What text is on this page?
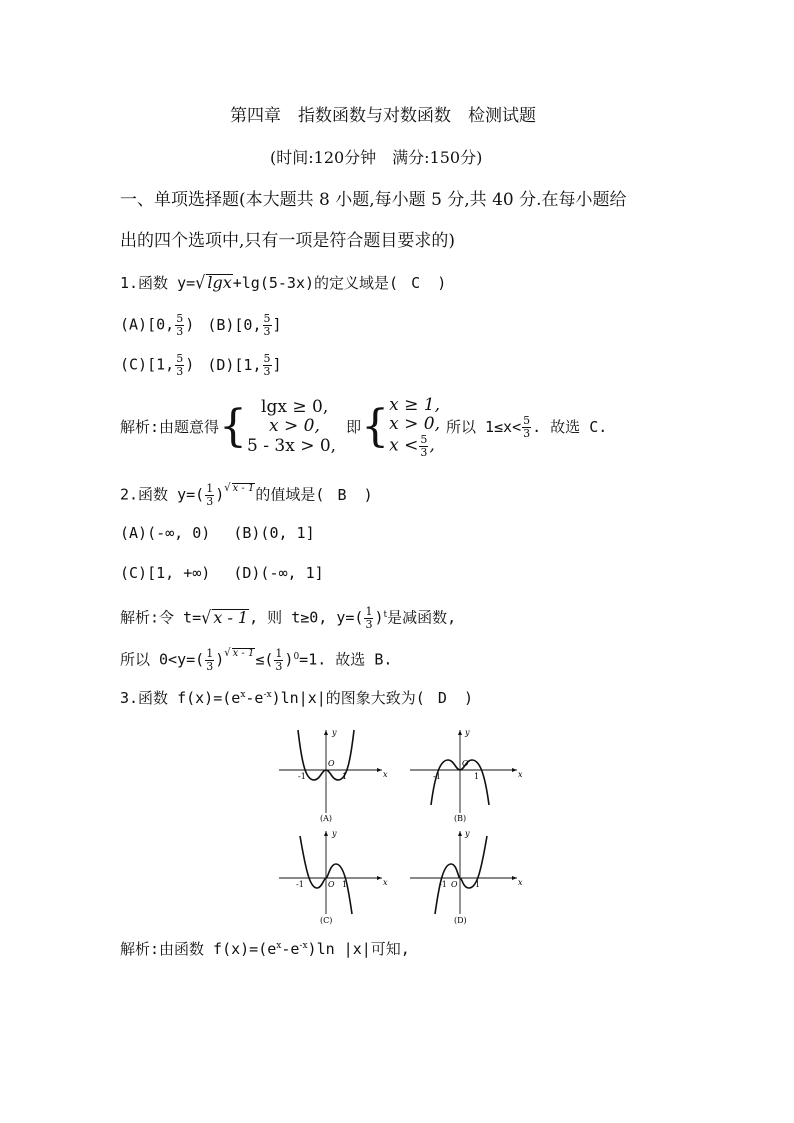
第四章　指数函数与对数函数　检测试题
(时间:120分钟　满分:150分)
一、单项选择题(本大题共 8 小题,每小题 5 分,共 40 分.在每小题给
出的四个选项中,只有一项是符合题目要求的)
1.函数 y=√ lgx+lg(5-3x)的定义域是( C )
(A)[0, $\frac{5}{3}$ ) (B)[0, $\frac{5}{3}$ ]
(C)[1, $\frac{5}{3}$ ) (D)[1, $\frac{5}{3}$ ]
解析:由题意得 { lgx ≥ 0,
x > 0,
5 - 3x > 0,
即 { x ≥ 1,
x > 0,
$x < \frac{5}{3}$ ,
所以 $1\le x< \frac{5}{3}$ . 故选 C.
2.函数 $y=( \frac{1}{3} )^{√ x - 1}$的值域是( B )
(A)(-∞, 0) (B)(0, 1]
(C)[1, +∞) (D)(-∞, 1]
解析:令 t=√ x - 1, 则 t≥0, $y=( \frac{1}{3} )^t$是减函数,
所以 $0<y=( \frac{1}{3} )^{√ x - 1}\le( \frac{1}{3} )^0=1$. 故选 B.
3.函数 $f(x)=(e^x-e^{-x})\ln|x|$的图象大致为( D )
y
x
O
-1	1
(A)
y
x
O
-1	1
(B)
y
x
O
-1	1
(C)
y
x
O
-1	1
(D)
解析:由函数 $f(x)=(e^x-e^{-x})\ln$ |x|可知,
